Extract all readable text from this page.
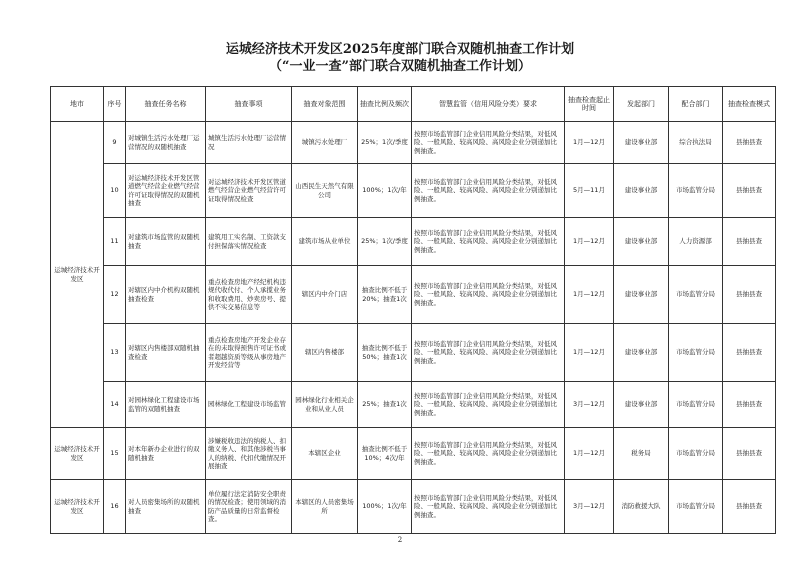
运城经济技术开发区2025年度部门联合双随机抽查工作计划
（“一业一查”部门联合双随机抽查工作计划）
地市	序号	抽查任务名称	抽查事项	抽查对象范围	抽查比例及频次	智慧监管（信用风险分类）要求	抽查检查起止时间	发起部门	配合部门	抽查检查模式
运城经济技术开发区	9	对城镇生活污水处理厂运营情况的双随机抽查	城镇生活污水处理厂运营情况	城镇污水处理厂	25%；1次/季度	按照市场监管部门企业信用风险分类结果，对低风险、一般风险、较高风险、高风险企业分别递加比例抽查。	1月—12月	建设事业部	综合执法局	县抽县查
	10	对运城经济技术开发区管道燃气经营企业燃气经营许可证取得情况的双随机抽查	对运城经济技术开发区管道燃气经营企业燃气经营许可证取得情况检查	山西民生天然气有限公司	100%；1次/年	按照市场监管部门企业信用风险分类结果，对低风险、一般风险、较高风险、高风险企业分别递加比例抽查。	5月—11月	建设事业部	市场监管分局	县抽县查
	11	对建筑市场监管的双随机抽查	建筑用工实名制、工资款支付担保落实情况检查	建筑市场从业单位	25%；1次/季度	按照市场监管部门企业信用风险分类结果，对低风险、一般风险、较高风险、高风险企业分别递加比例抽查。	1月—12月	建设事业部	人力资源部	县抽县查
	12	对辖区内中介机构双随机抽查检查	重点检查房地产经纪机构违规代收代付、个人承揽业务和收取费用、炒卖房号、提供不实交易信息等	辖区内中介门店	抽查比例不低于20%；抽查1次	按照市场监管部门企业信用风险分类结果，对低风险、一般风险、较高风险、高风险企业分别递加比例抽查。	1月—12月	建设事业部	市场监管分局	县抽县查
	13	对辖区内售楼部双随机抽查检查	重点检查房地产开发企业存在的未取得预售许可证书或者超越资质等级从事房地产开发经营等	辖区内售楼部	抽查比例不低于50%；抽查1次	按照市场监管部门企业信用风险分类结果，对低风险、一般风险、较高风险、高风险企业分别递加比例抽查。	1月—12月	建设事业部	市场监管分局	县抽县查
	14	对园林绿化工程建设市场监管的双随机抽查	园林绿化工程建设市场监管	园林绿化行业相关企业和从业人员	25%；抽查1次	按照市场监管部门企业信用风险分类结果，对低风险、一般风险、较高风险、高风险企业分别递加比例抽查。	3月—12月	建设事业部	市场监管分局	县抽县查
运城经济技术开发区	15	对本年新办企业进行的双随机抽查	涉嫌税收违法的纳税人、扣缴义务人、和其他涉税当事人的纳税、代扣代缴情况开展抽查	本辖区企业	抽查比例不低于10%；4次/年	按照市场监管部门企业信用风险分类结果，对低风险、一般风险、较高风险、高风险企业分别递加比例抽查。	1月—12月	税务局	市场监管分局	县抽县查
运城经济技术开发区	16	对人员密集场所的双随机抽查	单位履行法定消防安全职责的情况检查；使用领域的消防产品质量的日常监督检查。	本辖区的人员密集场所	100%；1次/年	按照市场监管部门企业信用风险分类结果，对低风险、一般风险、较高风险、高风险企业分别递加比例抽查。	3月—12月	消防救援大队	市场监管分局	县抽县查
2
